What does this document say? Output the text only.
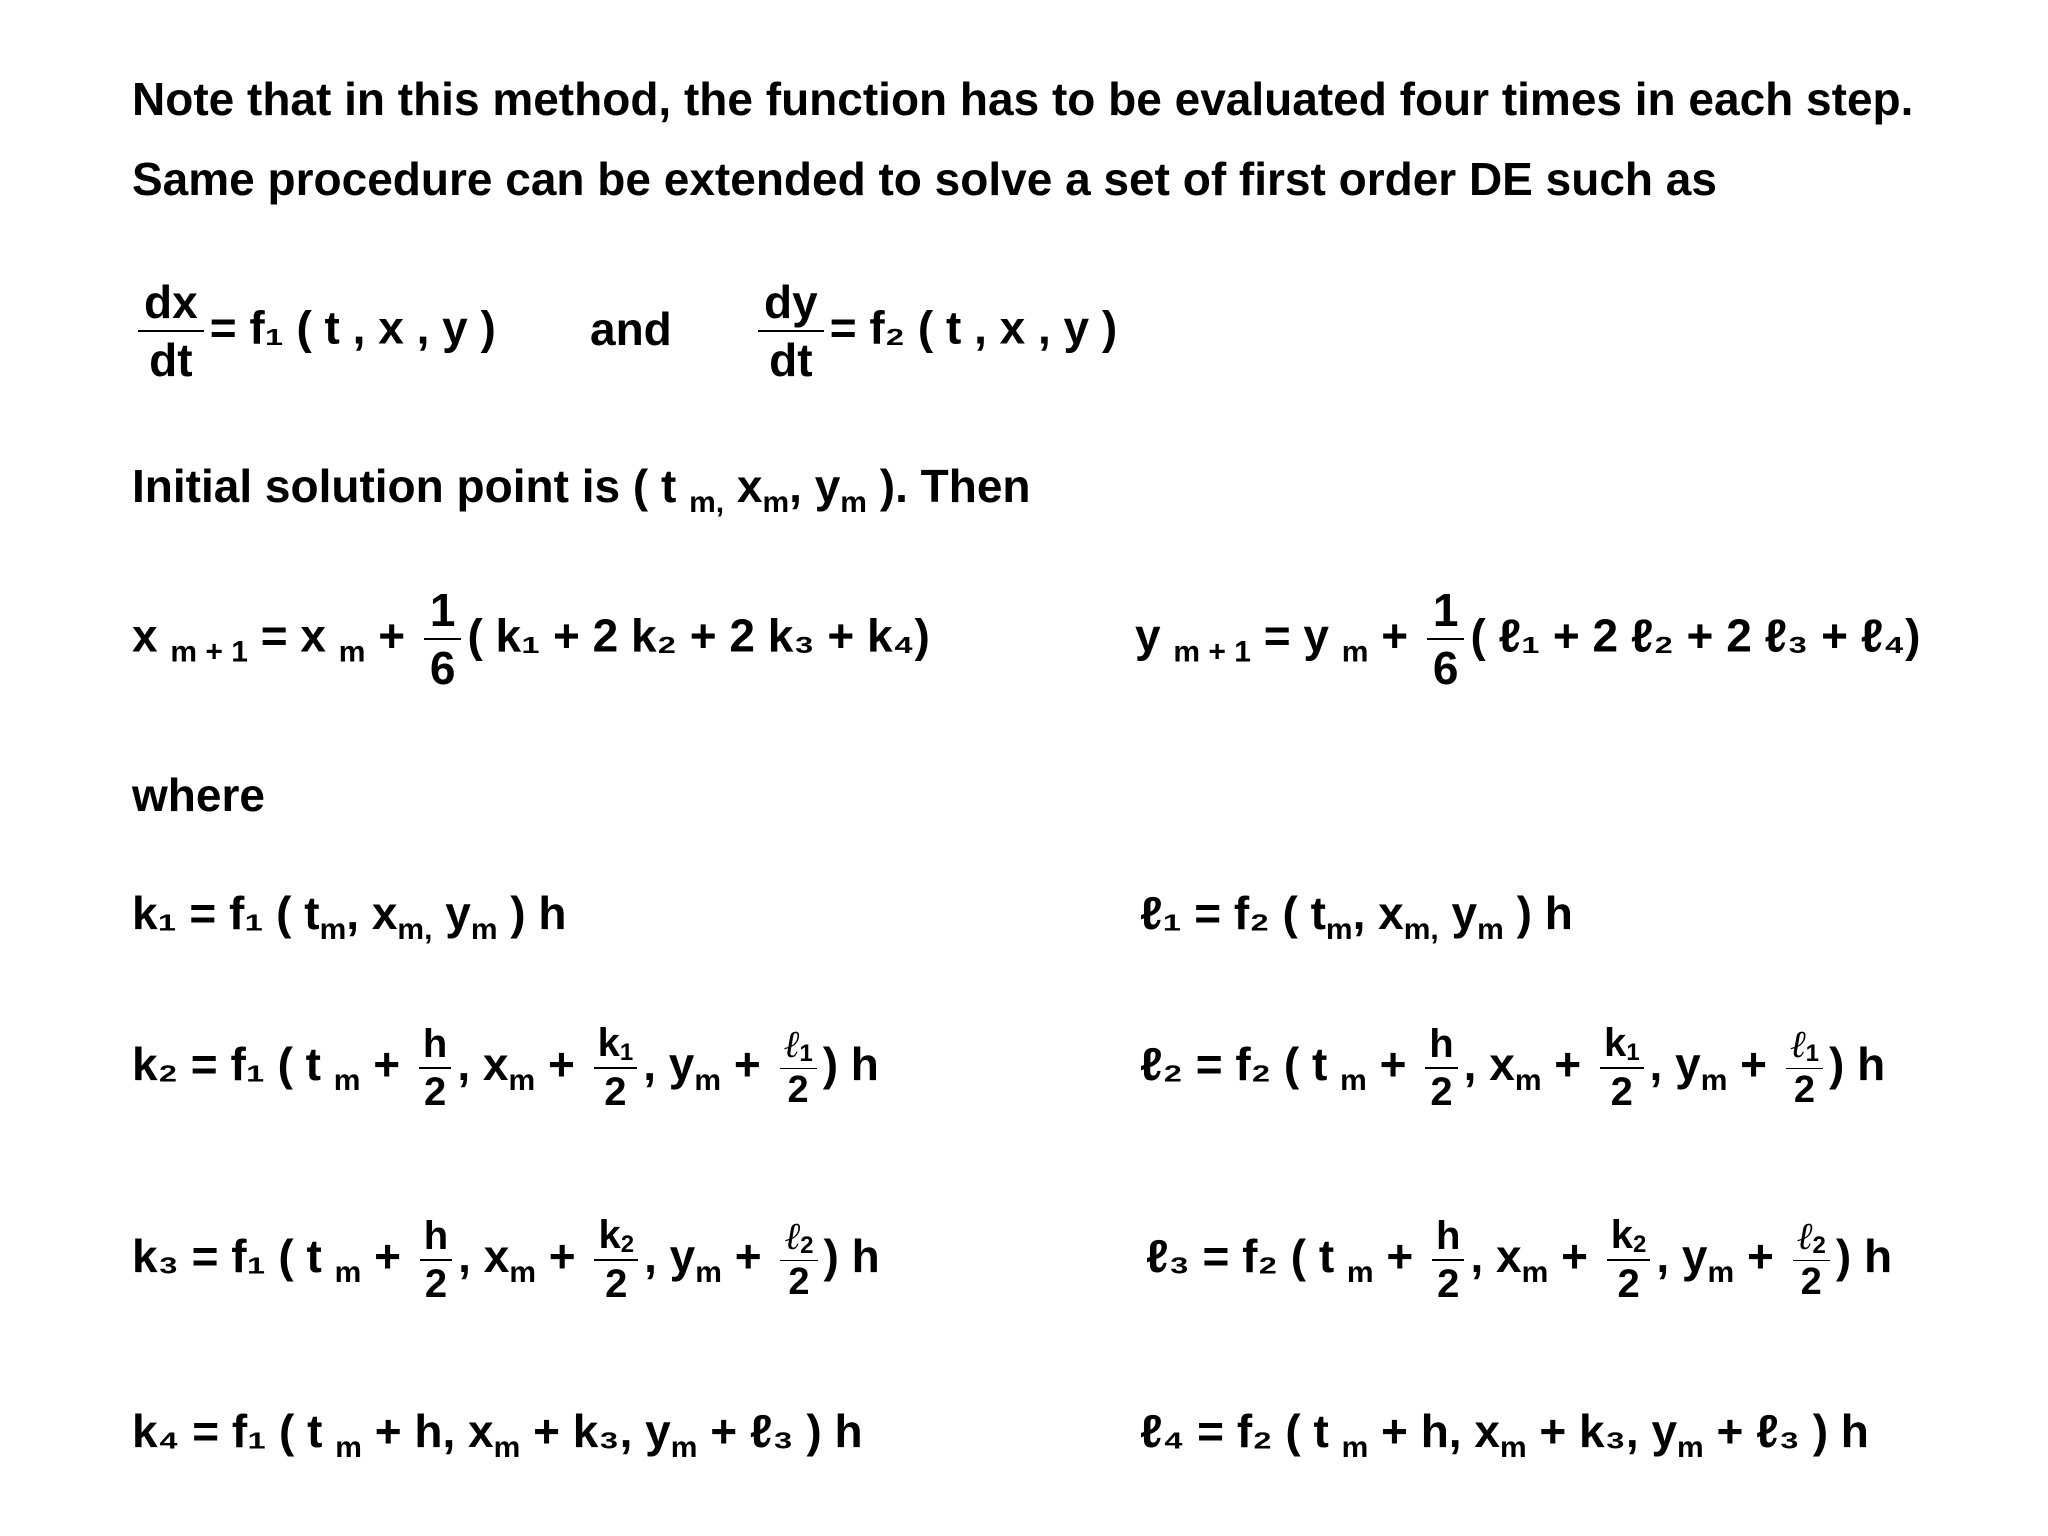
Note that in this method, the function has to be evaluated four times in each step.
Same procedure can be extended to solve a set of first order DE such as
$\frac{dx}{dt} = f_1$ ( t , x , y ) and $\frac{dy}{dt} = f_2$ ( t , x , y )
Initial solution point is ( t $_{m,}$ $x_m$, $y_m$ ). Then
x $_{m + 1}$ = x $_m + \frac{1}{6}$ ( k₁ + 2 k₂ + 2 k₃ + k₄)	y $_{m + 1}$ = y $_m + \frac{1}{6}$ ( ℓ₁ + 2 ℓ₂ + 2 ℓ₃ + ℓ₄)
where
k₁ = f₁ ( $t_m$, $x_{m,}$ $y_m$ ) h	ℓ₁ = f₂ ( $t_m$, $x_{m,}$ $y_m$ ) h
k₂ = f₁ ( t $_m + \frac{h}{2}$ , $x_m + \frac{k1}{2}$ , $y_m + \frac{\text{ℓ1}}{2}$ ) h	ℓ₂ = f₂ ( t $_m + \frac{h}{2}$ , $x_m + \frac{k1}{2}$ , $y_m + \frac{\text{ℓ1}}{2}$ ) h
k₃ = f₁ ( t $_m + \frac{h}{2}$ , $x_m + \frac{k2}{2}$ , $y_m + \frac{\text{ℓ2}}{2}$ ) h	ℓ₃ = f₂ ( t $_m + \frac{h}{2}$ , $x_m + \frac{k2}{2}$ , $y_m + \frac{\text{ℓ2}}{2}$ ) h
k₄ = f₁ ( t $_m$ + h, $x_m + k_3$, $y_m$ + ℓ₃ ) h	ℓ₄ = f₂ ( t $_m$ + h, $x_m + k_3$, $y_m$ + ℓ₃ ) h
